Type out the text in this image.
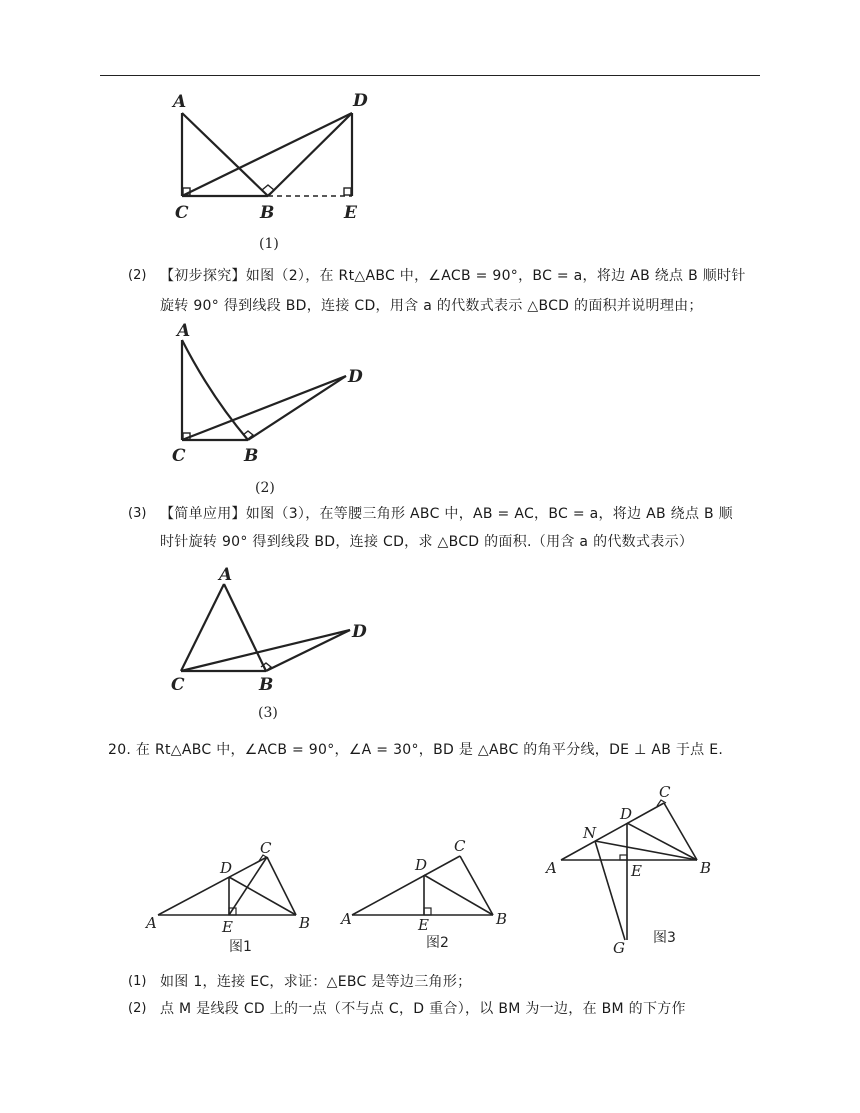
A	D
C	B	E
(1)
(2) 【初步探究】如图（2），在 Rt△ABC 中，∠ACB = 90°，BC = a，将边 AB 绕点 B 顺时针
旋转 90° 得到线段 BD，连接 CD，用含 a 的代数式表示 △BCD 的面积并说明理由；
A
D
C	B
(2)
(3) 【简单应用】如图（3），在等腰三角形 ABC 中，AB = AC，BC = a，将边 AB 绕点 B 顺
时针旋转 90° 得到线段 BD，连接 CD，求 △BCD 的面积.（用含 a 的代数式表示）
A
D
C	B
(3)
20. 在 Rt△ABC 中，∠ACB = 90°，∠A = 30°，BD 是 △ABC 的角平分线，DE ⊥ AB 于点 E.
A	B
C
D
E
图1
A	B
C
D
E
图2
A	B
C
D
E
N
G
图3
(1) 如图 1，连接 EC，求证：△EBC 是等边三角形；
(2) 点 M 是线段 CD 上的一点（不与点 C，D 重合），以 BM 为一边，在 BM 的下方作
